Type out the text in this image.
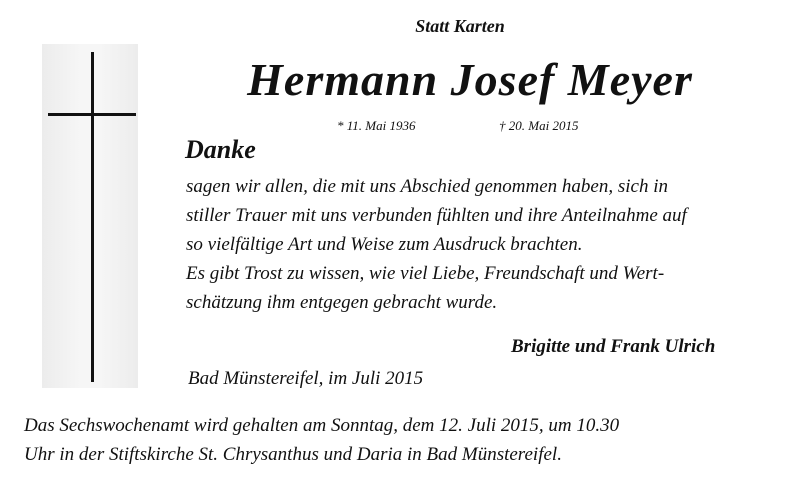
Statt Karten
Hermann Josef Meyer
* 11. Mai 1936	† 20. Mai 2015
Danke
sagen wir allen, die mit uns Abschied genommen haben, sich in
stiller Trauer mit uns verbunden fühlten und ihre Anteilnahme auf
so vielfältige Art und Weise zum Ausdruck brachten.
Es gibt Trost zu wissen, wie viel Liebe, Freundschaft und Wert-
schätzung ihm entgegen gebracht wurde.
Brigitte und Frank Ulrich
Bad Münstereifel, im Juli 2015
Das Sechswochenamt wird gehalten am Sonntag, dem 12. Juli 2015, um 10.30
Uhr in der Stiftskirche St. Chrysanthus und Daria in Bad Münstereifel.
